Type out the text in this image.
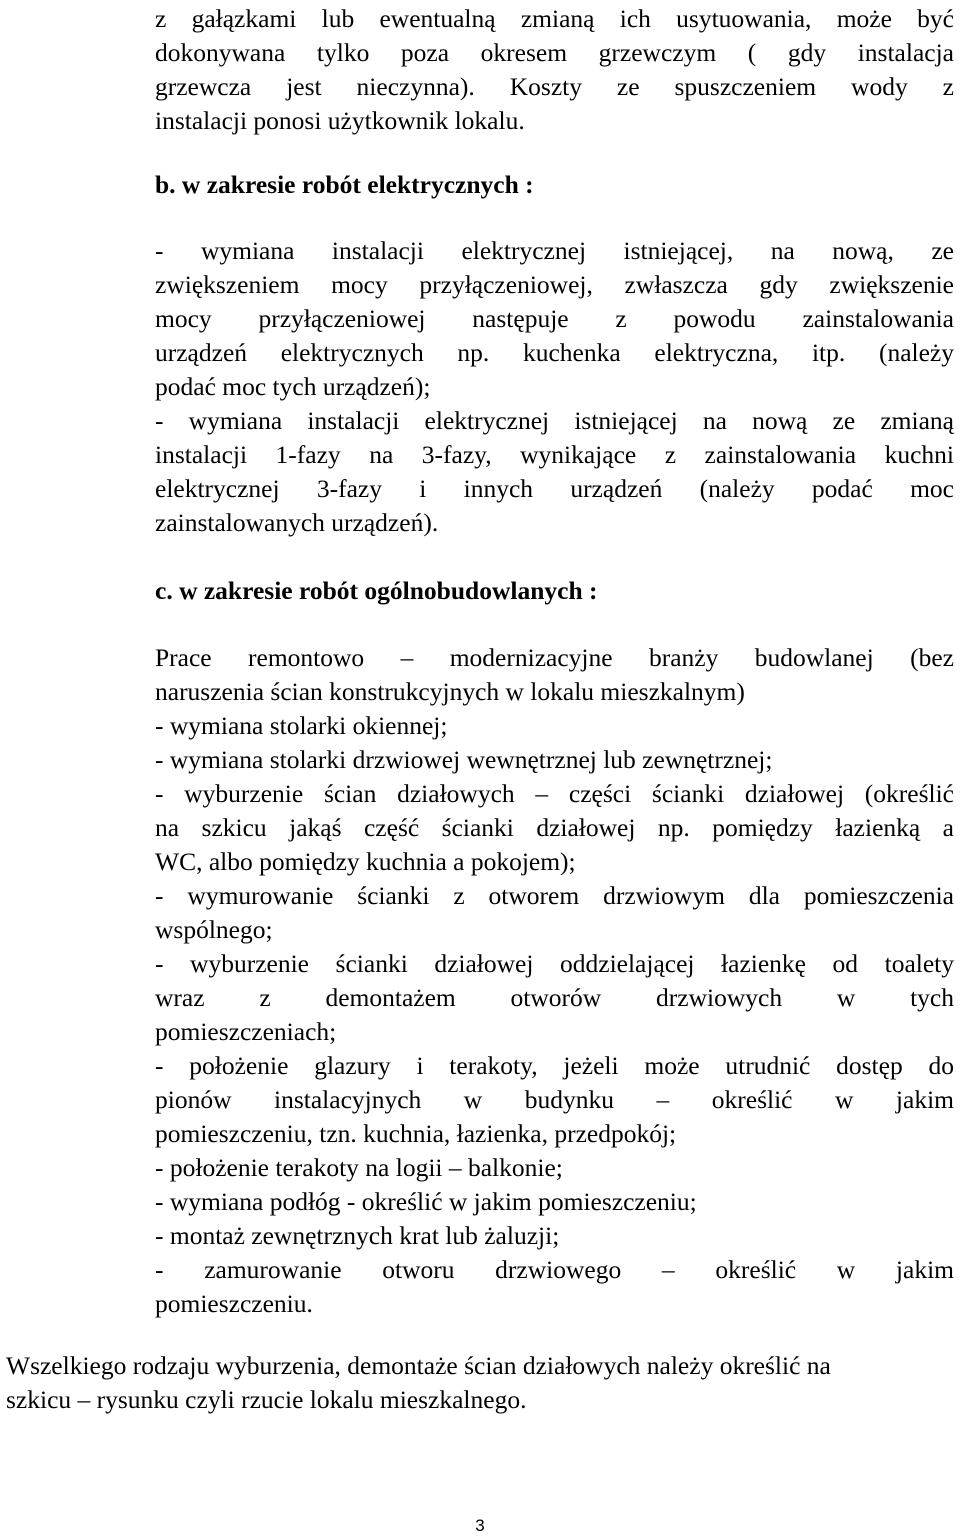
z gałązkami lub ewentualną zmianą ich usytuowania, może być

dokonywana tylko poza okresem grzewczym ( gdy instalacja

grzewcza jest nieczynna). Koszty ze spuszczeniem wody z

instalacji ponosi użytkownik lokalu.

b. w zakresie robót elektrycznych :

- wymiana instalacji elektrycznej istniejącej, na nową, ze

zwiększeniem mocy przyłączeniowej, zwłaszcza gdy zwiększenie

mocy przyłączeniowej następuje z powodu zainstalowania

urządzeń elektrycznych np. kuchenka elektryczna, itp. (należy

podać moc tych urządzeń);

- wymiana instalacji elektrycznej istniejącej na nową ze zmianą

instalacji 1-fazy na 3-fazy, wynikające z zainstalowania kuchni

elektrycznej 3-fazy i innych urządzeń (należy podać moc

zainstalowanych urządzeń).

c. w zakresie robót ogólnobudowlanych :

Prace remontowo – modernizacyjne branży budowlanej (bez

naruszenia ścian konstrukcyjnych w lokalu mieszkalnym)

- wymiana stolarki okiennej;

- wymiana stolarki drzwiowej wewnętrznej lub zewnętrznej;

- wyburzenie ścian działowych – części ścianki działowej (określić

na szkicu jakąś część ścianki działowej np. pomiędzy łazienką a

WC, albo pomiędzy kuchnia a pokojem);

- wymurowanie ścianki z otworem drzwiowym dla pomieszczenia

wspólnego;

- wyburzenie ścianki działowej oddzielającej łazienkę od toalety

wraz z demontażem otworów drzwiowych w tych

pomieszczeniach;

- położenie glazury i terakoty, jeżeli może utrudnić dostęp do

pionów instalacyjnych w budynku – określić w jakim

pomieszczeniu, tzn. kuchnia, łazienka, przedpokój;

- położenie terakoty na logii – balkonie;

- wymiana podłóg - określić w jakim pomieszczeniu;

- montaż zewnętrznych krat lub żaluzji;

- zamurowanie otworu drzwiowego – określić w jakim

pomieszczeniu.

Wszelkiego rodzaju wyburzenia, demontaże ścian działowych należy określić na

szkicu – rysunku czyli rzucie lokalu mieszkalnego.

3
